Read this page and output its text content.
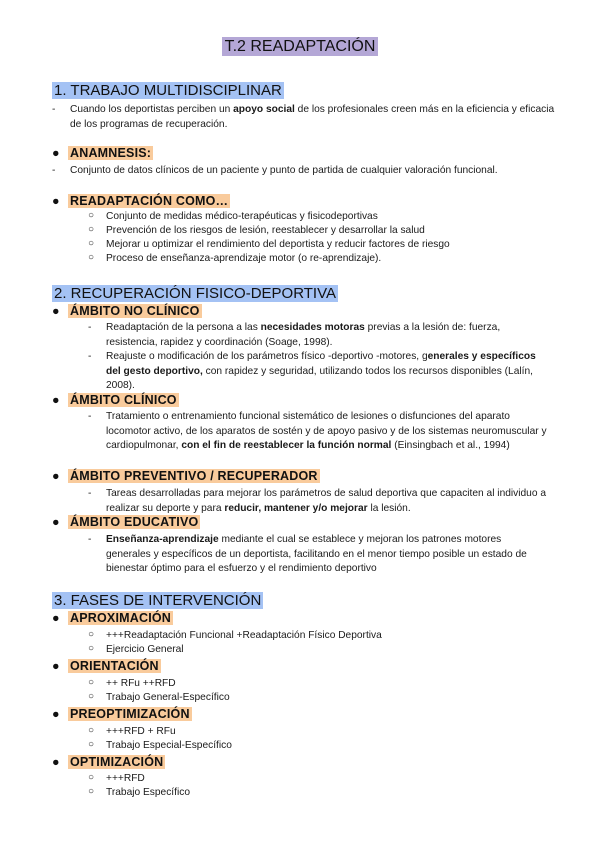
T.2 READAPTACIÓN
1. TRABAJO MULTIDISCIPLINAR
- Cuando los deportistas perciben un apoyo social de los profesionales creen más en la eficiencia y eficacia de los programas de recuperación.
● ANAMNESIS:
- Conjunto de datos clínicos de un paciente y punto de partida de cualquier valoración funcional.
● READAPTACIÓN COMO…
○ Conjunto de medidas médico-terapéuticas y fisicodeportivas
○ Prevención de los riesgos de lesión, reestablecer y desarrollar la salud
○ Mejorar u optimizar el rendimiento del deportista y reducir factores de riesgo
○ Proceso de enseñanza-aprendizaje motor (o re-aprendizaje).
2. RECUPERACIÓN FISICO-DEPORTIVA
● ÁMBITO NO CLÍNICO
- Readaptación de la persona a las necesidades motoras previas a la lesión de: fuerza, resistencia, rapidez y coordinación (Soage, 1998).
- Reajuste o modificación de los parámetros físico -deportivo -motores, generales y específicos del gesto deportivo, con rapidez y seguridad, utilizando todos los recursos disponibles (Lalín, 2008).
● ÁMBITO CLÍNICO
- Tratamiento o entrenamiento funcional sistemático de lesiones o disfunciones del aparato locomotor activo, de los aparatos de sostén y de apoyo pasivo y de los sistemas neuromuscular y cardiopulmonar, con el fin de reestablecer la función normal (Einsingbach et al., 1994)
● ÁMBITO PREVENTIVO / RECUPERADOR
- Tareas desarrolladas para mejorar los parámetros de salud deportiva que capaciten al individuo a realizar su deporte y para reducir, mantener y/o mejorar la lesión.
● ÁMBITO EDUCATIVO
- Enseñanza-aprendizaje mediante el cual se establece y mejoran los patrones motores generales y específicos de un deportista, facilitando en el menor tiempo posible un estado de bienestar óptimo para el esfuerzo y el rendimiento deportivo
3. FASES DE INTERVENCIÓN
● APROXIMACIÓN
○ +++Readaptación Funcional +Readaptación Físico Deportiva
○ Ejercicio General
● ORIENTACIÓN
○ ++ RFu ++RFD
○ Trabajo General-Específico
● PREOPTIMIZACIÓN
○ +++RFD + RFu
○ Trabajo Especial-Específico
● OPTIMIZACIÓN
○ +++RFD
○ Trabajo Específico
